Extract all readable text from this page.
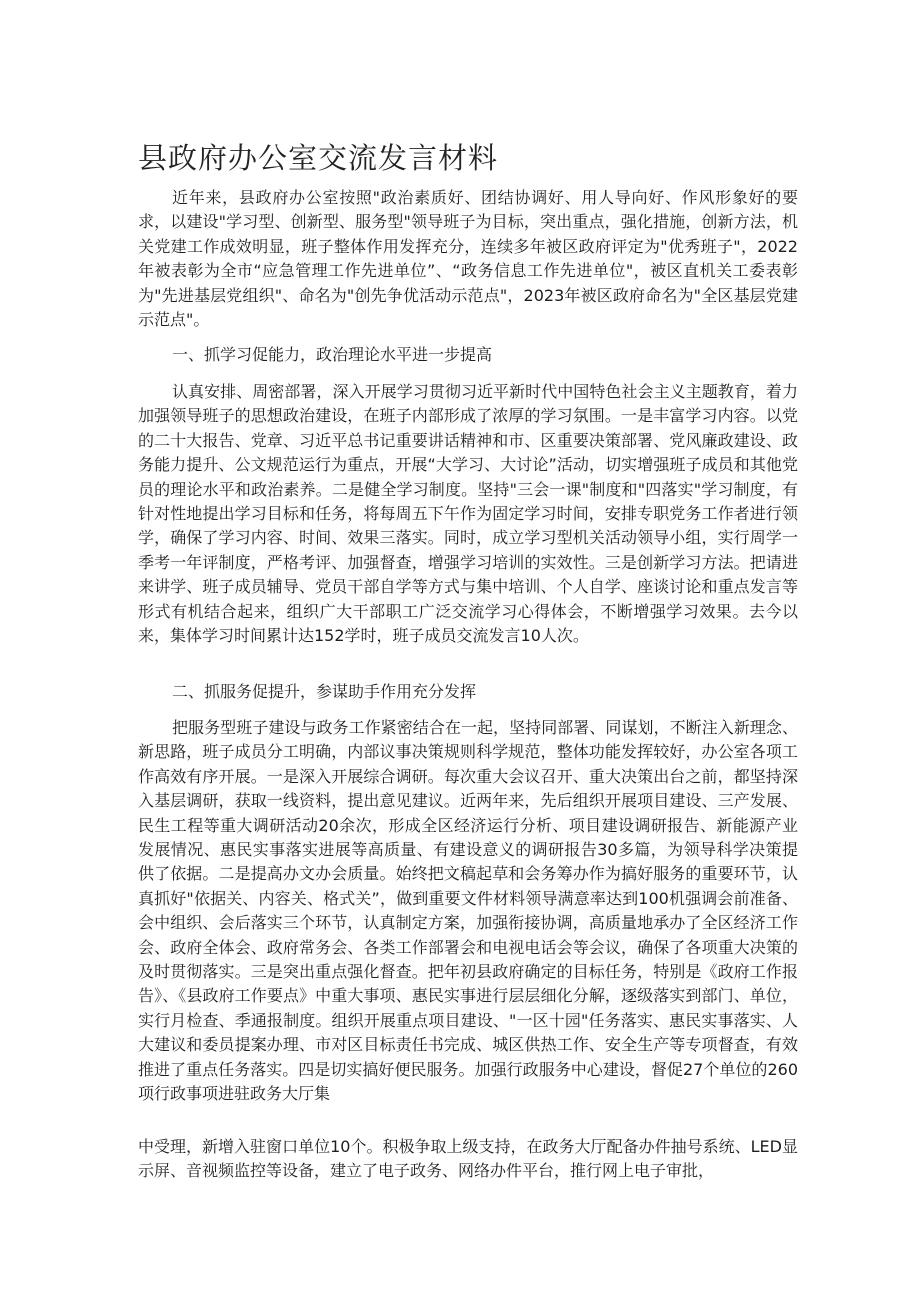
县政府办公室交流发言材料

近年来，县政府办公室按照"政治素质好、团结协调好、用人导向好、作风形象好的要求，以建设"学习型、创新型、服务型"领导班子为目标，突出重点，强化措施，创新方法，机关党建工作成效明显，班子整体作用发挥充分，连续多年被区政府评定为"优秀班子"，2022年被表彰为全市“应急管理工作先进单位”、“政务信息工作先进单位"，被区直机关工委表彰为"先进基层党组织"、命名为"创先争优活动示范点"，2023年被区政府命名为"全区基层党建示范点"。

一、抓学习促能力，政治理论水平进一步提高

认真安排、周密部署，深入开展学习贯彻习近平新时代中国特色社会主义主题教育，着力加强领导班子的思想政治建设，在班子内部形成了浓厚的学习氛围。一是丰富学习内容。以党的二十大报告、党章、习近平总书记重要讲话精神和市、区重要决策部署、党风廉政建设、政务能力提升、公文规范运行为重点，开展“大学习、大讨论”活动，切实增强班子成员和其他党员的理论水平和政治素养。二是健全学习制度。坚持"三会一课"制度和"四落实"学习制度，有针对性地提出学习目标和任务，将每周五下午作为固定学习时间，安排专职党务工作者进行领学，确保了学习内容、时间、效果三落实。同时，成立学习型机关活动领导小组，实行周学一季考一年评制度，严格考评、加强督查，增强学习培训的实效性。三是创新学习方法。把请进来讲学、班子成员辅导、党员干部自学等方式与集中培训、个人自学、座谈讨论和重点发言等形式有机结合起来，组织广大干部职工广泛交流学习心得体会，不断增强学习效果。去今以来，集体学习时间累计达152学时，班子成员交流发言10人次。

二、抓服务促提升，参谋助手作用充分发挥

把服务型班子建设与政务工作紧密结合在一起，坚持同部署、同谋划，不断注入新理念、新思路，班子成员分工明确，内部议事决策规则科学规范，整体功能发挥较好，办公室各项工作高效有序开展。一是深入开展综合调研。每次重大会议召开、重大决策出台之前，都坚持深入基层调研，获取一线资料，提出意见建议。近两年来，先后组织开展项目建设、三产发展、民生工程等重大调研活动20余次，形成全区经济运行分析、项目建设调研报告、新能源产业发展情况、惠民实事落实进展等高质量、有建设意义的调研报告30多篇，为领导科学决策提供了依据。二是提高办文办会质量。始终把文稿起草和会务筹办作为搞好服务的重要环节，认真抓好"依据关、内容关、格式关”，做到重要文件材料领导满意率达到100机强调会前准备、会中组织、会后落实三个环节，认真制定方案，加强衔接协调，高质量地承办了全区经济工作会、政府全体会、政府常务会、各类工作部署会和电视电话会等会议，确保了各项重大决策的及时贯彻落实。三是突出重点强化督查。把年初县政府确定的目标任务，特别是《政府工作报告》、《县政府工作要点》中重大事项、惠民实事进行层层细化分解，逐级落实到部门、单位，实行月检查、季通报制度。组织开展重点项目建设、"一区十园"任务落实、惠民实事落实、人大建议和委员提案办理、市对区目标责任书完成、城区供热工作、安全生产等专项督查，有效推进了重点任务落实。四是切实搞好便民服务。加强行政服务中心建设，督促27个单位的260项行政事项进驻政务大厅集

中受理，新增入驻窗口单位10个。积极争取上级支持，在政务大厅配备办件抽号系统、LED显示屏、音视频监控等设备，建立了电子政务、网络办件平台，推行网上电子审批，
